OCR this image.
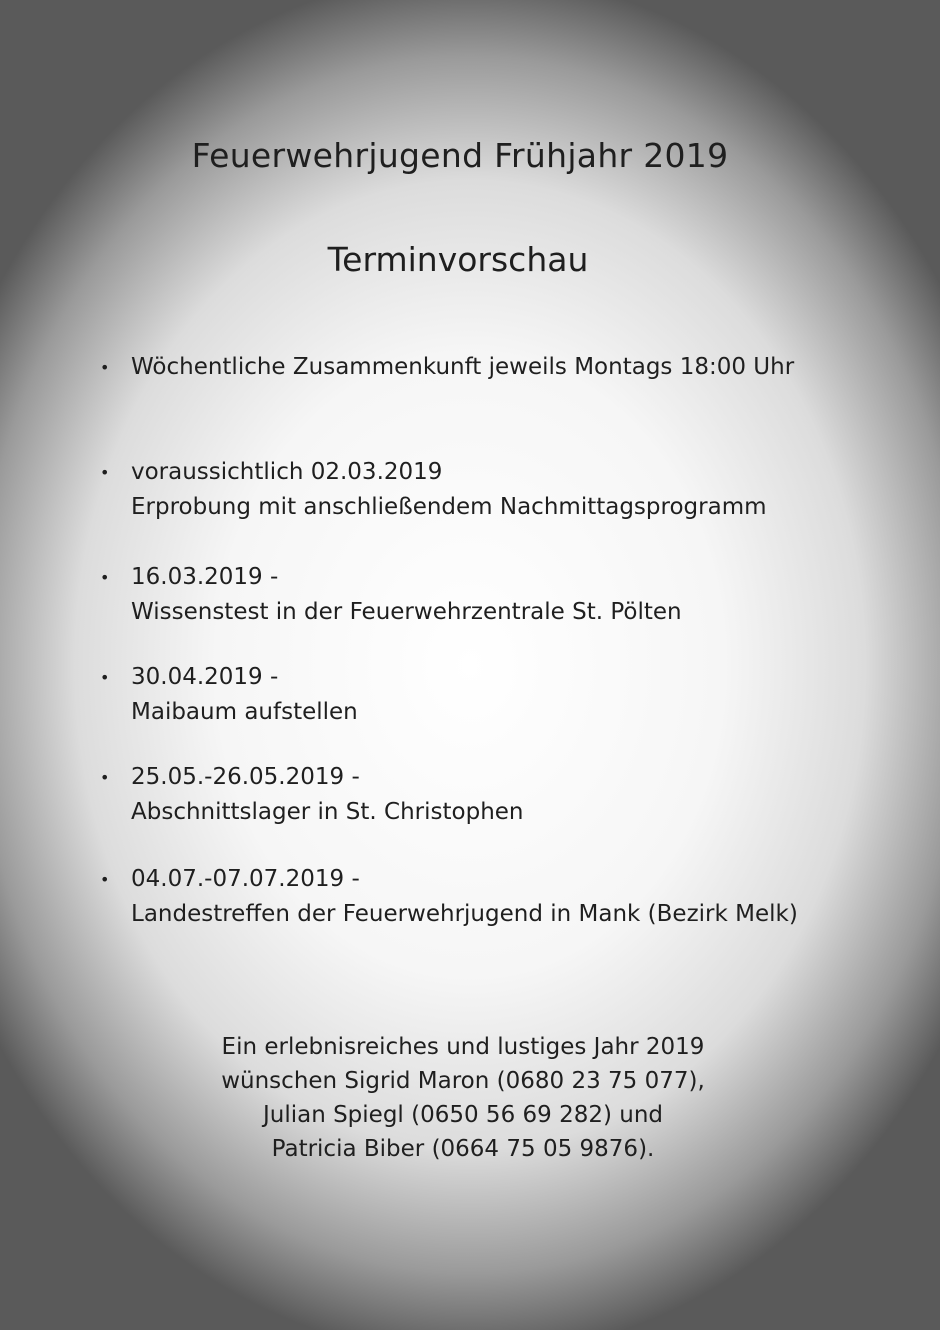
Feuerwehrjugend Frühjahr 2019
Terminvorschau
• Wöchentliche Zusammenkunft jeweils Montags 18:00 Uhr
• voraussichtlich 02.03.2019
Erprobung mit anschließendem Nachmittagsprogramm
• 16.03.2019 -
Wissenstest in der Feuerwehrzentrale St. Pölten
• 30.04.2019 -
Maibaum aufstellen
• 25.05.-26.05.2019 -
Abschnittslager in St. Christophen
• 04.07.-07.07.2019 -
Landestreffen der Feuerwehrjugend in Mank (Bezirk Melk)
Ein erlebnisreiches und lustiges Jahr 2019
wünschen Sigrid Maron (0680 23 75 077),
Julian Spiegl (0650 56 69 282) und
Patricia Biber (0664 75 05 9876).
